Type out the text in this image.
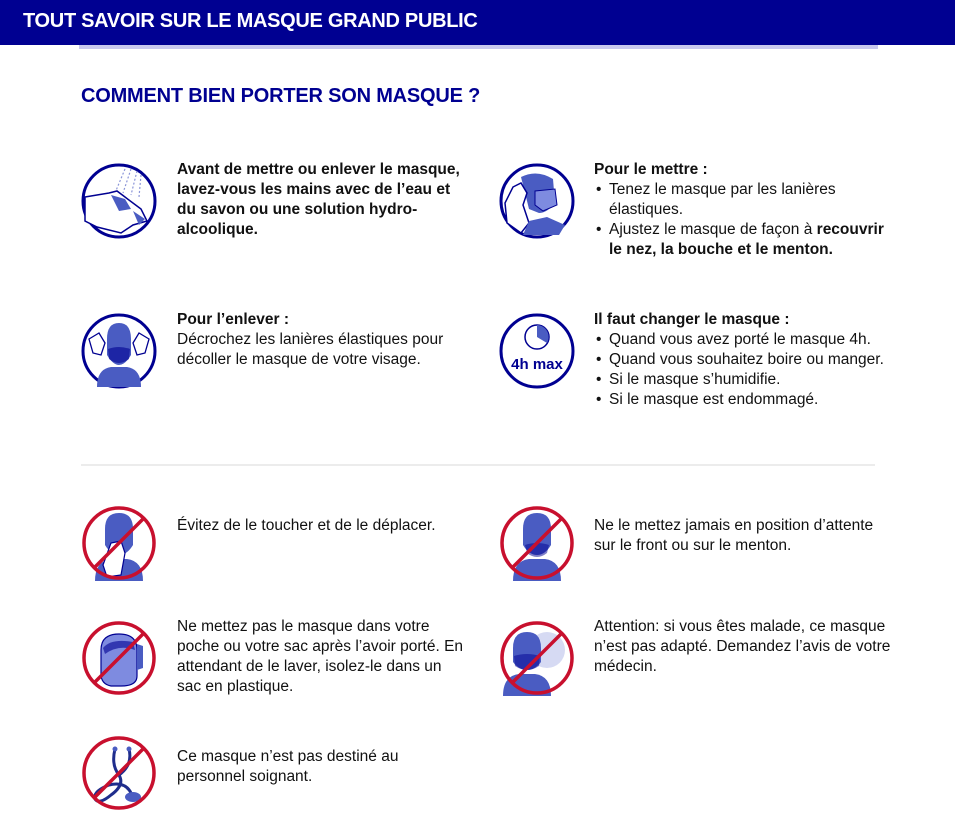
TOUT SAVOIR SUR LE MASQUE GRAND PUBLIC
COMMENT BIEN PORTER SON MASQUE ?
Avant de mettre ou enlever le masque, lavez-vous les mains avec de l’eau et du savon ou une solution hydro-alcoolique.
Pour le mettre :
• Tenez le masque par les lanières élastiques.
• Ajustez le masque de façon à recouvrir le nez, la bouche et le menton.
Pour l’enlever :
Décrochez les lanières élastiques pour décoller le masque de votre visage.	4h max
Il faut changer le masque :
• Quand vous avez porté le masque 4h.
• Quand vous souhaitez boire ou manger.
• Si le masque s’humidifie.
• Si le masque est endommagé.
Évitez de le toucher et de le déplacer.	Ne le mettez jamais en position d’attente sur le front ou sur le menton.
Ne mettez pas le masque dans votre poche ou votre sac après l’avoir porté. En attendant de le laver, isolez-le dans un sac en plastique.
Attention: si vous êtes malade, ce masque n’est pas adapté. Demandez l’avis de votre médecin.
Ce masque n’est pas destiné au personnel soignant.
